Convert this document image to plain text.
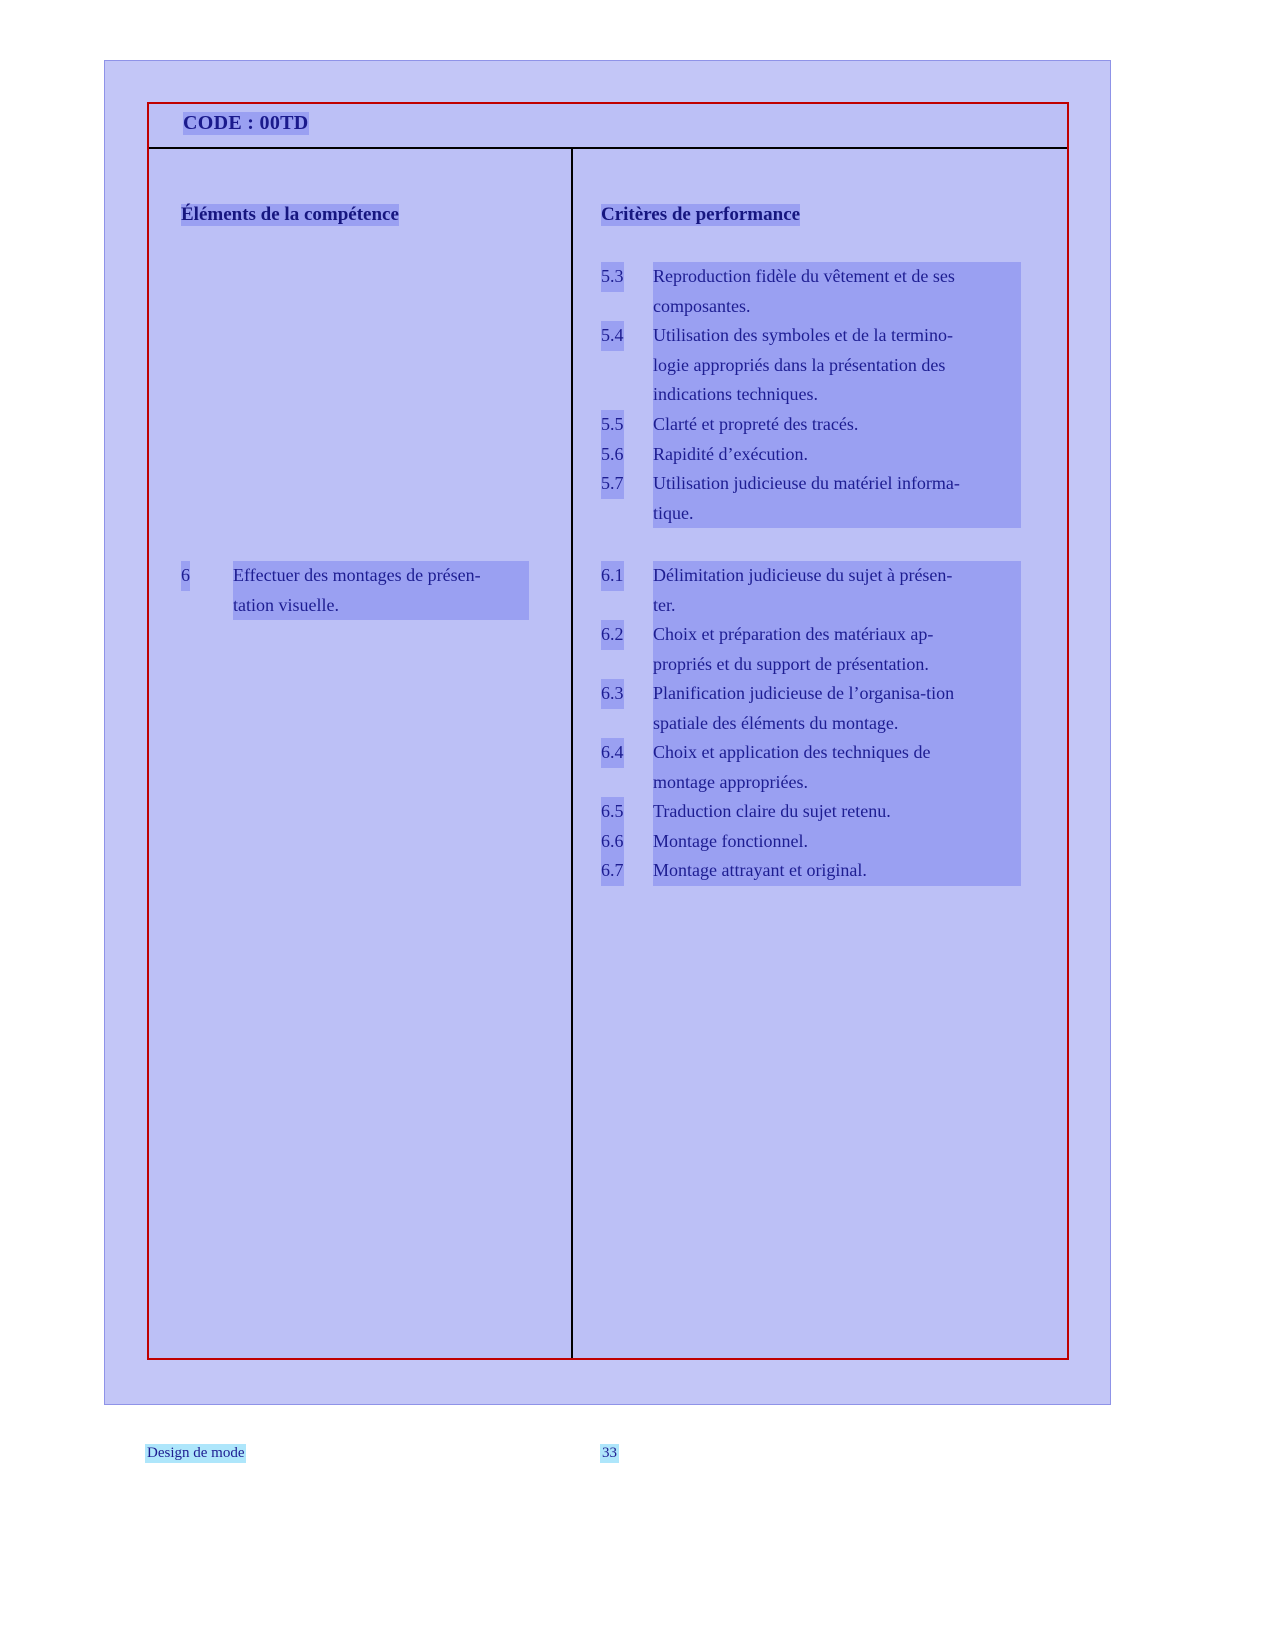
CODE : 00TD
Éléments de la compétence
6 Effectuer des montages de présen-
tation visuelle.
Critères de performance
5.3 Reproduction fidèle du vêtement et de ses
composantes.
5.4 Utilisation des symboles et de la termino-
logie appropriés dans la présentation des
indications techniques.
5.5 Clarté et propreté des tracés.
5.6 Rapidité d’exécution.
5.7 Utilisation judicieuse du matériel informa-
tique.
6.1 Délimitation judicieuse du sujet à présen-
ter.
6.2 Choix et préparation des matériaux ap-
propriés et du support de présentation.
6.3 Planification judicieuse de l’organisa-tion
spatiale des éléments du montage.
6.4 Choix et application des techniques de
montage appropriées.
6.5 Traduction claire du sujet retenu.
6.6 Montage fonctionnel.
6.7 Montage attrayant et original.
Design de mode	33
